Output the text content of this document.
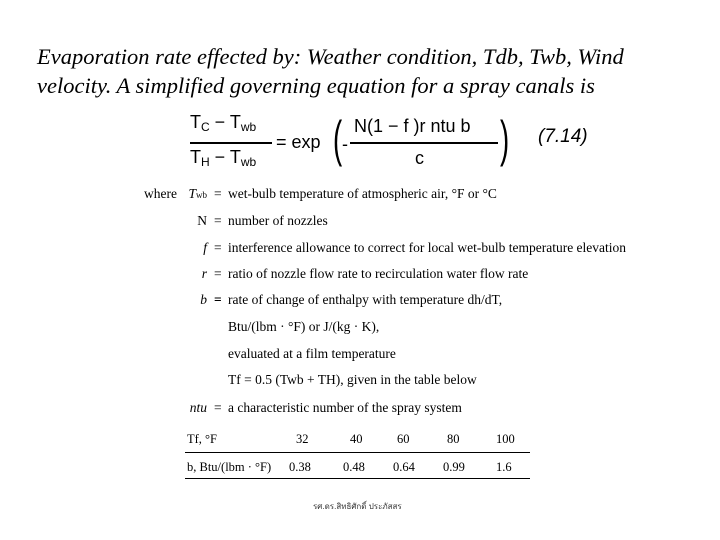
Evaporation rate effected by: Weather condition, Tdb, Twb, Wind
velocity. A simplified governing equation for a spray canals is
$T_C - T_{wb}$
$T_H - T_{wb}$
= exp ( -
N(1 − f )r ntu b
c ) (7.14)
where Twb = wet-bulb temperature of atmospheric air, °F or °C
N = number of nozzles
f = interference allowance to correct for local wet-bulb temperature elevation
r = ratio of nozzle flow rate to recirculation water flow rate
b = rate of change of enthalpy with temperature dh/dT,
Btu/(lbm · °F) or J/(kg · K),
evaluated at a film temperature
Tf = 0.5 (Twb + TH), given in the table below
ntu = a characteristic number of the spray system
Tf, °F	32	40	60	80	100
b, Btu/(lbm · °F) 0.38	0.48 0.64 0.99 1.6
รศ.ดร.สิทธิศักดิ์ ประภัสสร
